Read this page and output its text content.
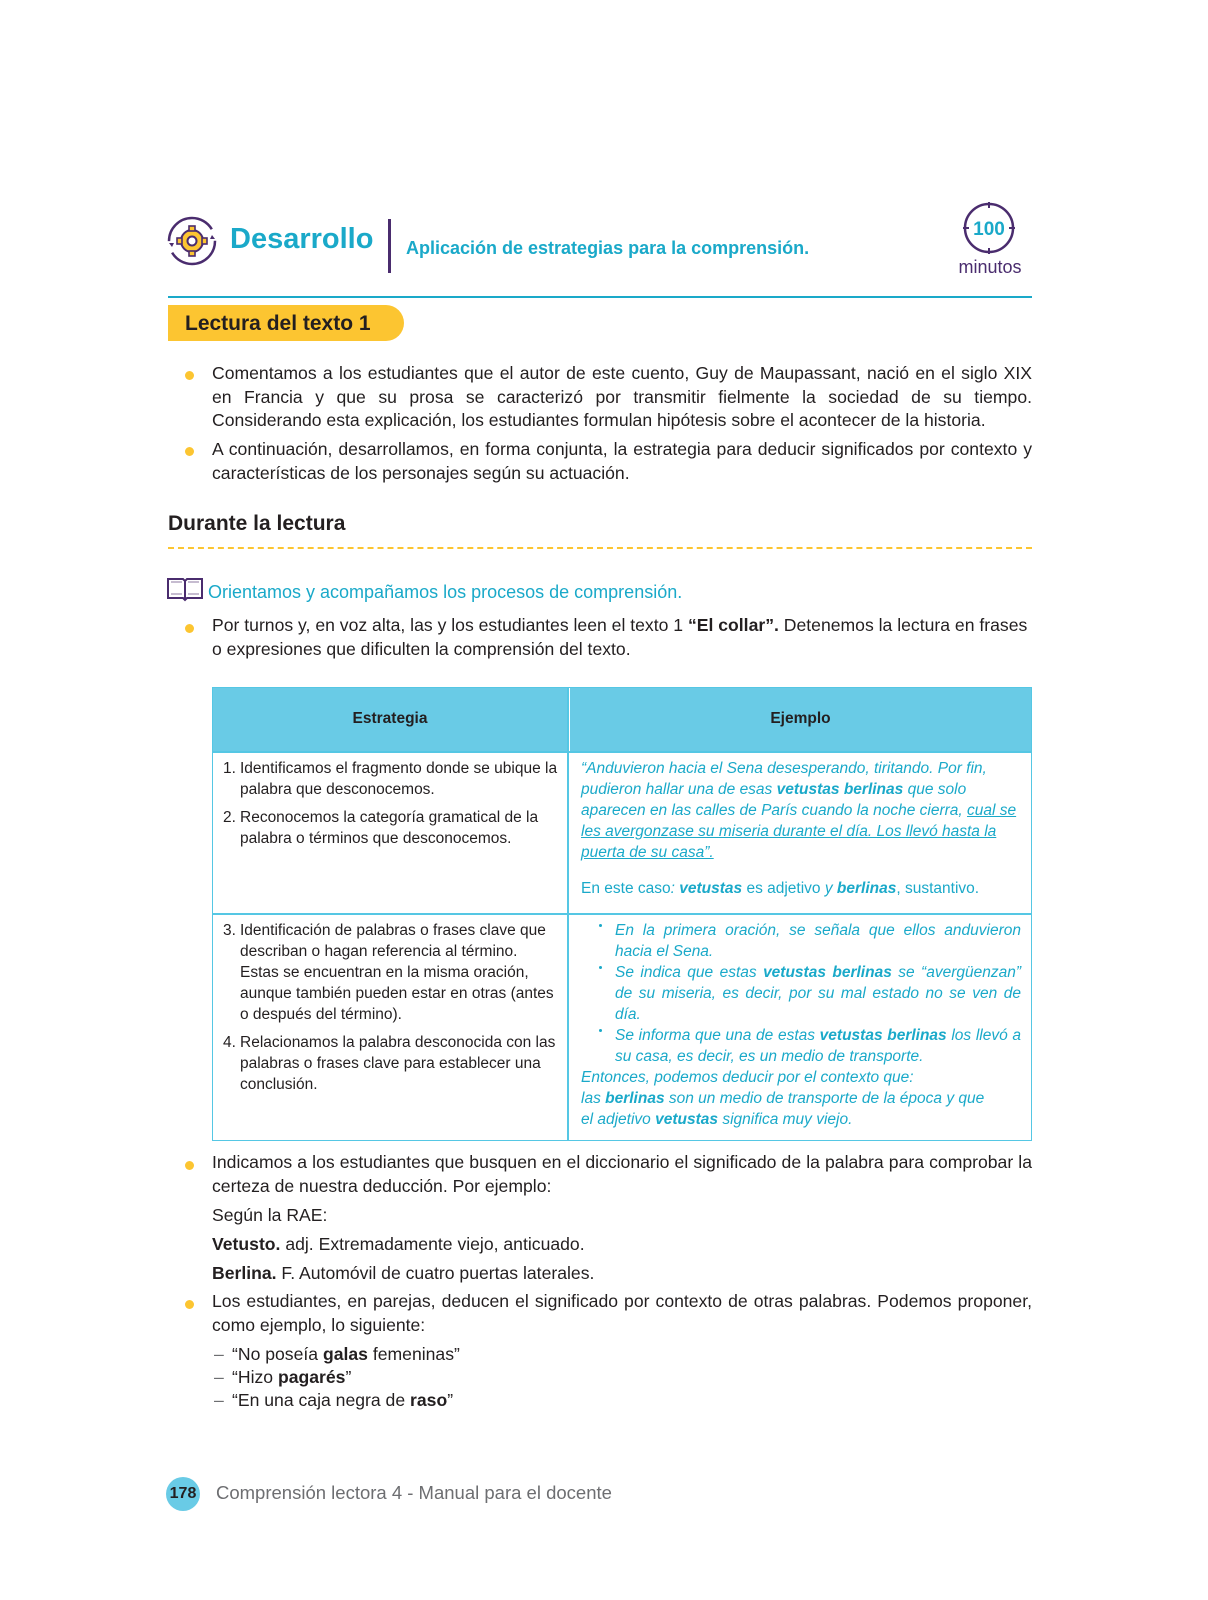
Desarrollo Aplicación de estrategias para la comprensión.
100
minutos
Lectura del texto 1
Comentamos a los estudiantes que el autor de este cuento, Guy de Maupassant, nació en el siglo XIX en Francia y que su prosa se caracterizó por transmitir fielmente la sociedad de su tiempo. Considerando esta explicación, los estudiantes formulan hipótesis sobre el acontecer de la historia.
A continuación, desarrollamos, en forma conjunta, la estrategia para deducir significados por contexto y características de los personajes según su actuación.
Durante la lectura
Orientamos y acompañamos los procesos de comprensión.
Por turnos y, en voz alta, las y los estudiantes leen el texto 1 “El collar”. Detenemos la lectura en frases o expresiones que dificulten la comprensión del texto.
Estrategia	Ejemplo
1. Identificamos el fragmento donde se ubique la palabra que desconocemos.
2. Reconocemos la categoría gramatical de la palabra o términos que desconocemos.
“Anduvieron hacia el Sena desesperando, tiritando. Por fin, pudieron hallar una de esas vetustas berlinas que solo aparecen en las calles de París cuando la noche cierra, cual se les avergonzase su miseria durante el día. Los llevó hasta la puerta de su casa”.
En este caso: vetustas es adjetivo y berlinas, sustantivo.
3. Identificación de palabras o frases clave que describan o hagan referencia al término. Estas se encuentran en la misma oración, aunque también pueden estar en otras (antes o después del término).
4. Relacionamos la palabra desconocida con las palabras o frases clave para establecer una conclusión.
En la primera oración, se señala que ellos anduvieron hacia el Sena.
Se indica que estas vetustas berlinas se “avergüenzan” de su miseria, es decir, por su mal estado no se ven de día.
Se informa que una de estas vetustas berlinas los llevó a su casa, es decir, es un medio de transporte.
Entonces, podemos deducir por el contexto que:
las berlinas son un medio de transporte de la época y que
el adjetivo vetustas significa muy viejo.
Indicamos a los estudiantes que busquen en el diccionario el significado de la palabra para comprobar la certeza de nuestra deducción. Por ejemplo:
Según la RAE:
Vetusto. adj. Extremadamente viejo, anticuado.
Berlina. F. Automóvil de cuatro puertas laterales.
Los estudiantes, en parejas, deducen el significado por contexto de otras palabras. Podemos proponer, como ejemplo, lo siguiente:
– “No poseía galas femeninas”
– “Hizo pagarés”
– “En una caja negra de raso”
178 Comprensión lectora 4 - Manual para el docente
